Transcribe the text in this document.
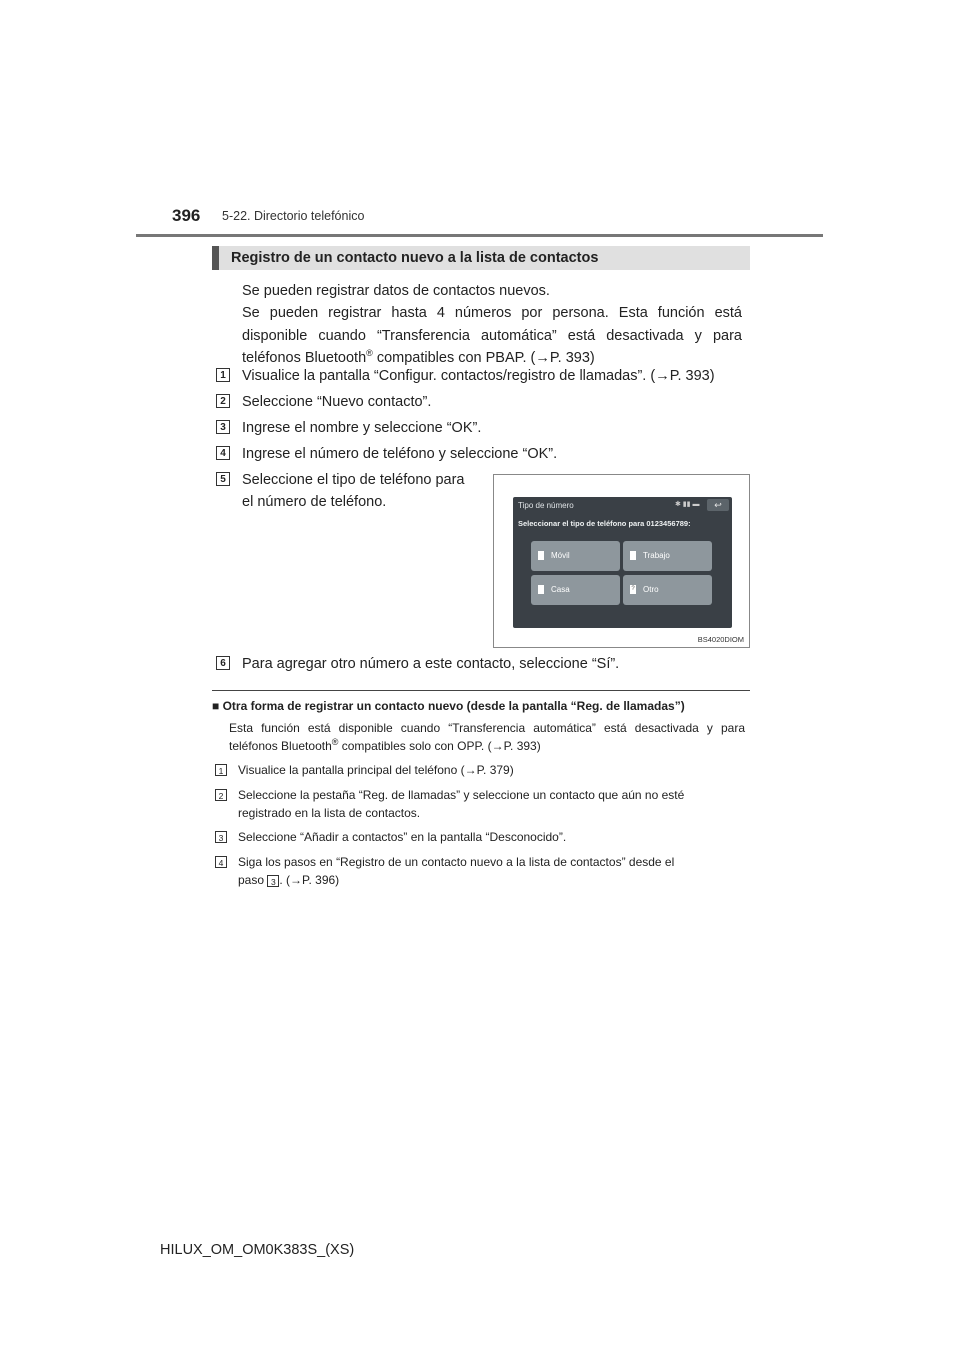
396 5-22. Directorio telefónico
Registro de un contacto nuevo a la lista de contactos

Se pueden registrar datos de contactos nuevos.

Se pueden registrar hasta 4 números por persona. Esta función está disponible cuando “Transferencia automática” está desactivada y para teléfonos Bluetooth® compatibles con PBAP. (→P. 393)

1 Visualice la pantalla “Configur. contactos/registro de llamadas”. (→P. 393)
2 Seleccione “Nuevo contacto”.
3 Ingrese el nombre y seleccione “OK”.
4 Ingrese el número de teléfono y seleccione “OK”.
5 Seleccione el tipo de teléfono para
el número de teléfono.	Tipo de número	✱ ▮▮ ▬	↩
Seleccionar el tipo de teléfono para 0123456789:
Móvil	Trabajo
Casa	? Otro
BS4020DIOM
6 Para agregar otro número a este contacto, seleccione “Sí”.
■ Otra forma de registrar un contacto nuevo (desde la pantalla “Reg. de llamadas”)
Esta función está disponible cuando “Transferencia automática” está desactivada y para teléfonos Bluetooth® compatibles solo con OPP. (→P. 393)
1	Visualice la pantalla principal del teléfono (→P. 379)
2	Seleccione la pestaña “Reg. de llamadas” y seleccione un contacto que aún no esté
registrado en la lista de contactos.
3	Seleccione “Añadir a contactos” en la pantalla “Desconocido”.
4	Siga los pasos en “Registro de un contacto nuevo a la lista de contactos” desde el
paso 3 . (→P. 396)
HILUX_OM_OM0K383S_(XS)
